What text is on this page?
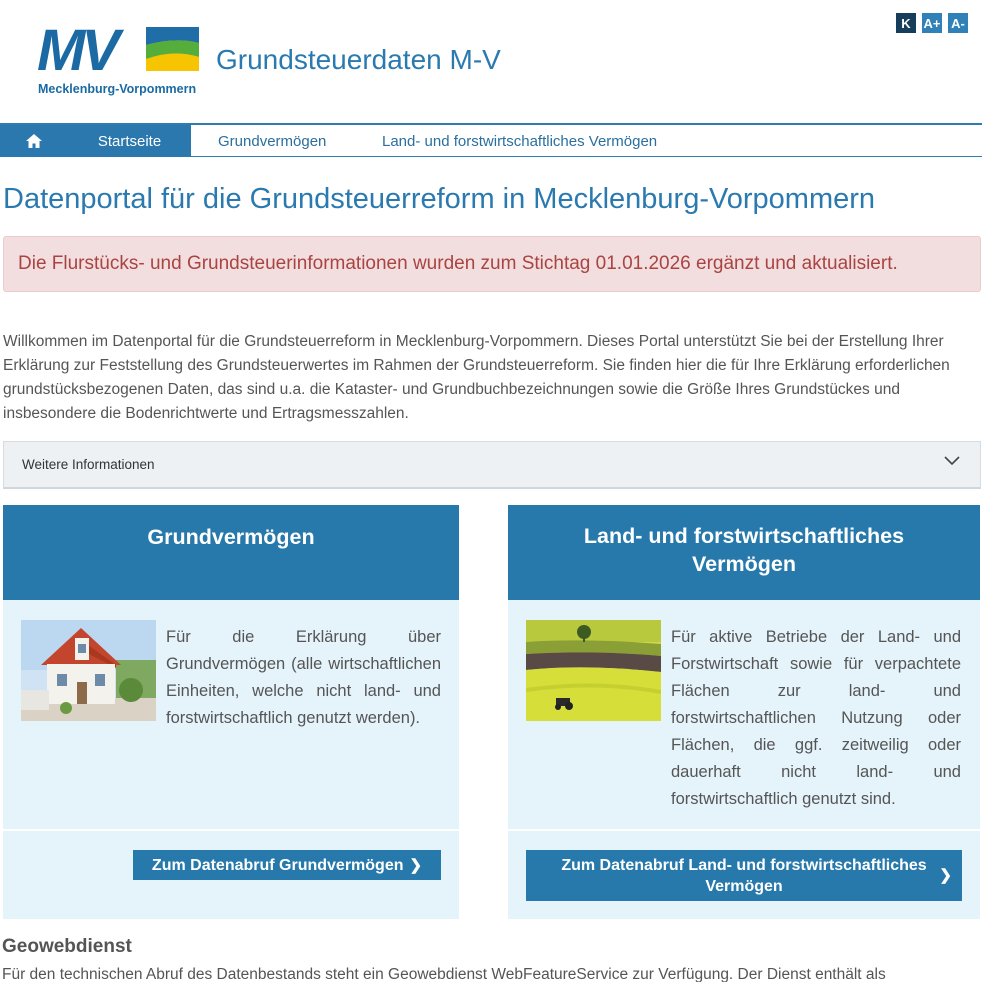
MV
Mecklenburg-Vorpommern
Grundsteuerdaten M-V
K A+ A-
Startseite	Grundvermögen	Land- und forstwirtschaftliches Vermögen
Datenportal für die Grundsteuerreform in Mecklenburg-Vorpommern
Die Flurstücks- und Grundsteuerinformationen wurden zum Stichtag 01.01.2026 ergänzt und aktualisiert.

Willkommen im Datenportal für die Grundsteuerreform in Mecklenburg-Vorpommern. Dieses Portal unterstützt Sie bei der Erstellung Ihrer Erklärung zur Feststellung des Grundsteuerwertes im Rahmen der Grundsteuerreform. Sie finden hier die für Ihre Erklärung erforderlichen grundstücksbezogenen Daten, das sind u.a. die Kataster- und Grundbuchbezeichnungen sowie die Größe Ihres Grundstückes und insbesondere die Bodenrichtwerte und Ertragsmesszahlen.

Weitere Informationen
Grundvermögen
Für die Erklärung über Grundvermögen (alle wirtschaftlichen Einheiten, welche nicht land- und forstwirtschaftlich genutzt werden).
Zum Datenabruf Grundvermögen ❯
Land- und forstwirtschaftliches Vermögen
Für aktive Betriebe der Land- und Forstwirtschaft sowie für verpachtete Flächen zur land- und forstwirtschaftlichen Nutzung oder Flächen, die ggf. zeitweilig oder dauerhaft nicht land- und forstwirtschaftlich genutzt sind.
Zum Datenabruf Land- und forstwirtschaftliches Vermögen
❯
Geowebdienst
Für den technischen Abruf des Datenbestands steht ein Geowebdienst WebFeatureService zur Verfügung. Der Dienst enthält als
